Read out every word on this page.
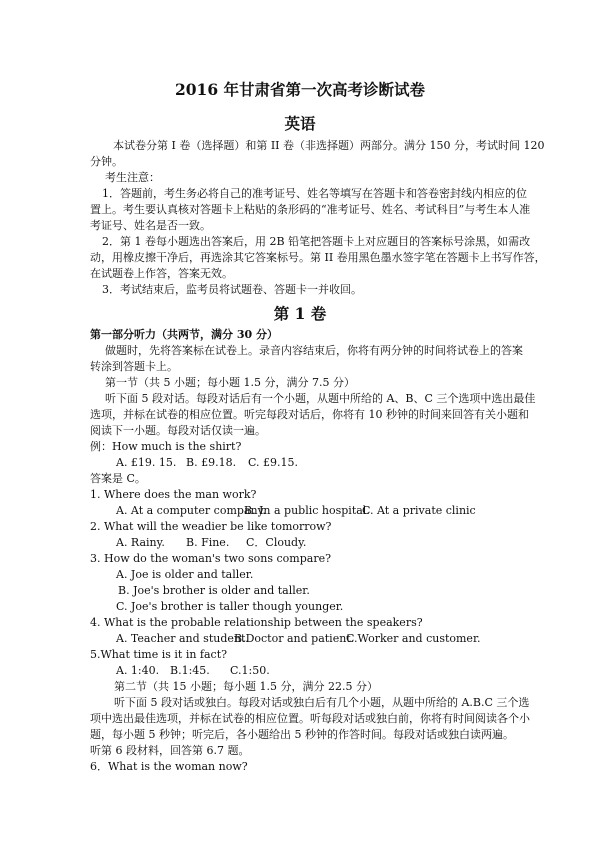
2016 年甘肃省第一次高考诊断试卷
英语

本试卷分第 I 卷（选择题）和第 II 卷（非选择题）两部分。满分 150 分，考试时间 120

分钟。

考生注意：

1．答题前，考生务必将自己的准考证号、姓名等填写在答题卡和答卷密封线内相应的位

置上。考生要认真核对答题卡上粘贴的条形码的“准考证号、姓名、考试科目”与考生本人准

考证号、姓名是否一致。

2．第 1 卷每小题选出答案后，用 2B 铅笔把答题卡上对应题目的答案标号涂黑，如需改

动，用橡皮擦干净后，再选涂其它答案标号。第 II 卷用黑色墨水签字笔在答题卡上书写作答，

在试题卷上作答，答案无效。

3．考试结束后，监考员将试题卷、答题卡一并收回。

第 1 卷

第一部分听力（共两节，满分 30 分）

做题时，先将答案标在试卷上。录音内容结束后，你将有两分钟的时间将试卷上的答案

转涂到答题卡上。

第一节（共 5 小题；每小题 1.5 分，满分 7.5 分）

听下面 5 段对话。每段对话后有一个小题，从题中所给的 A、B、C 三个选项中选出最佳

选项，并标在试卷的相应位置。听完每段对话后，你将有 10 秒钟的时间来回答有关小题和

阅读下一小题。每段对话仅读一遍。

例：How much is the shirt?

A. £19. 15. B. £9.18. C. £9.15.

答案是 C。

1. Where does the man work?

A. At a computer company.B. In a public hospital.C. At a private clinic

2. What will the weadier be like tomorrow?

A. Rainy. B. Fine. C．Cloudy.

3. How do the woman's two sons compare?

A. Joe is older and taller.

B. Joe's brother is older and taller.

C. Joe's brother is taller though younger.

4. What is the probable relationship between the speakers?

A. Teacher and student.B.Doctor and patient.C.Worker and customer.

5.What time is it in fact?

A. 1:40. B.1:45. C.1:50.

第二节（共 15 小题；每小题 1.5 分，满分 22.5 分）

听下面 5 段对话或独白。每段对话或独白后有几个小题，从题中所给的 A.B.C 三个选

项中选出最佳选项，并标在试卷的相应位置。听每段对话或独白前，你将有时间阅读各个小

题，每小题 5 秒钟；听完后，各小题给出 5 秒钟的作答时间。每段对话或独白读两遍。

听第 6 段材料，回答第 6.7 题。

6．What is the woman now?
